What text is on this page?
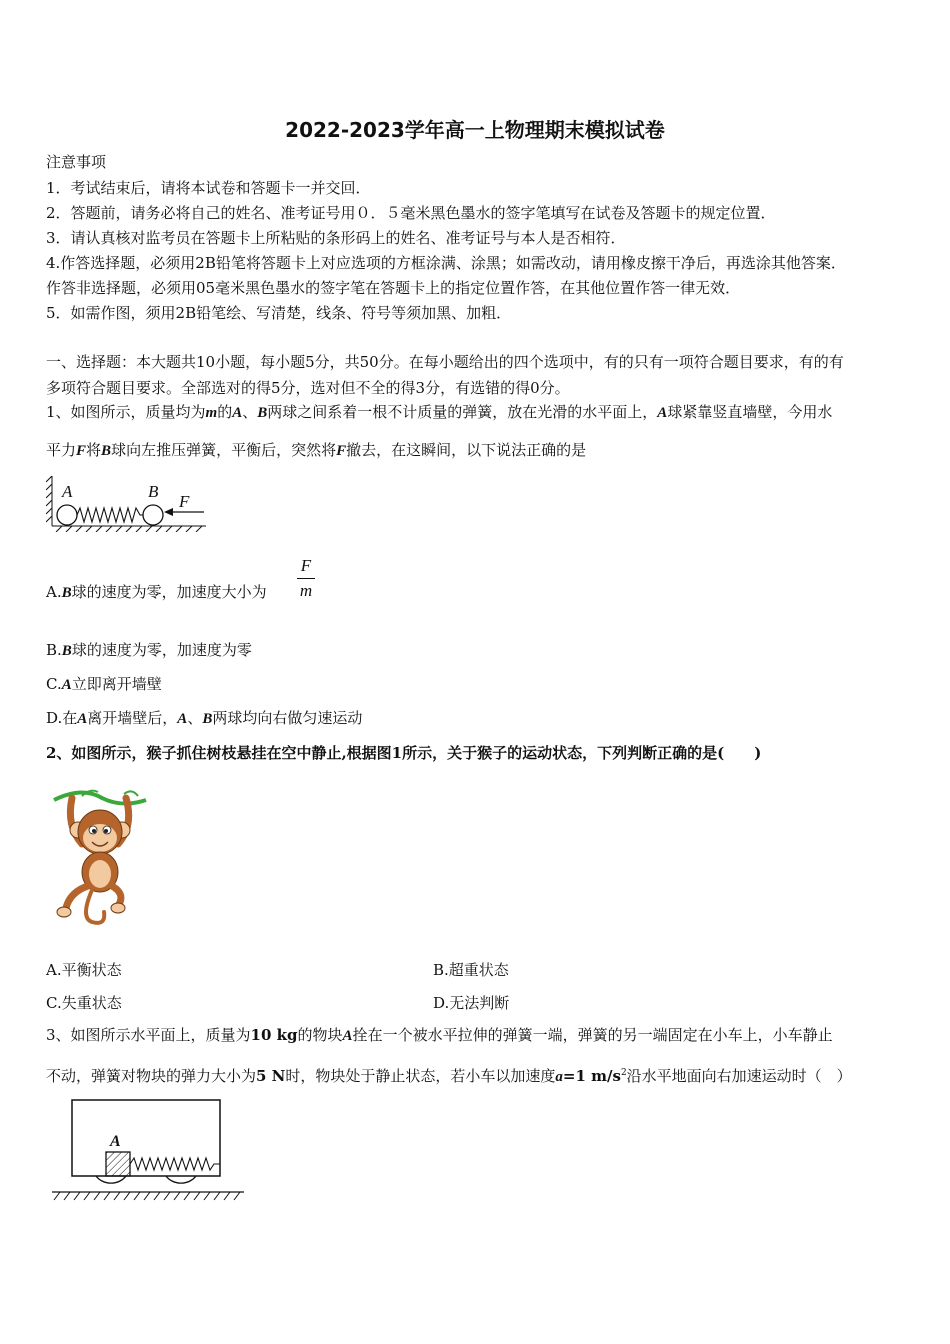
2022-2023学年高一上物理期末模拟试卷
注意事项
1．考试结束后，请将本试卷和答题卡一并交回．
2．答题前，请务必将自己的姓名、准考证号用０．５毫米黑色墨水的签字笔填写在试卷及答题卡的规定位置．
3．请认真核对监考员在答题卡上所粘贴的条形码上的姓名、准考证号与本人是否相符．
4.作答选择题，必须用2B铅笔将答题卡上对应选项的方框涂满、涂黑；如需改动，请用橡皮擦干净后，再选涂其他答案．
作答非选择题，必须用05毫米黑色墨水的签字笔在答题卡上的指定位置作答，在其他位置作答一律无效．
5．如需作图，须用2B铅笔绘、写清楚，线条、符号等须加黑、加粗．
一、选择题：本大题共10小题，每小题5分，共50分。在每小题给出的四个选项中，有的只有一项符合题目要求，有的有
多项符合题目要求。全部选对的得5分，选对但不全的得3分，有选错的得0分。
1、如图所示，质量均为m的A、B两球之间系着一根不计质量的弹簧，放在光滑的水平面上，A球紧靠竖直墙壁，今用水
平力F将B球向左推压弹簧，平衡后，突然将F撤去，在这瞬间，以下说法正确的是
A	B
F
A.B球的速度为零，加速度大小为
F
m
B.B球的速度为零，加速度为零
C.A立即离开墙壁
D.在A离开墙壁后，A、B两球均向右做匀速运动
2、如图所示，猴子抓住树枝悬挂在空中静止,根据图1所示，关于猴子的运动状态，下列判断正确的是(　　)
A.平衡状态	B.超重状态
C.失重状态	D.无法判断
3、如图所示水平面上，质量为10 kg的物块A拴在一个被水平拉伸的弹簧一端，弹簧的另一端固定在小车上，小车静止
不动，弹簧对物块的弹力大小为5 N时，物块处于静止状态，若小车以加速度a=1 $m/s^2$沿水平地面向右加速运动时（　）
A
